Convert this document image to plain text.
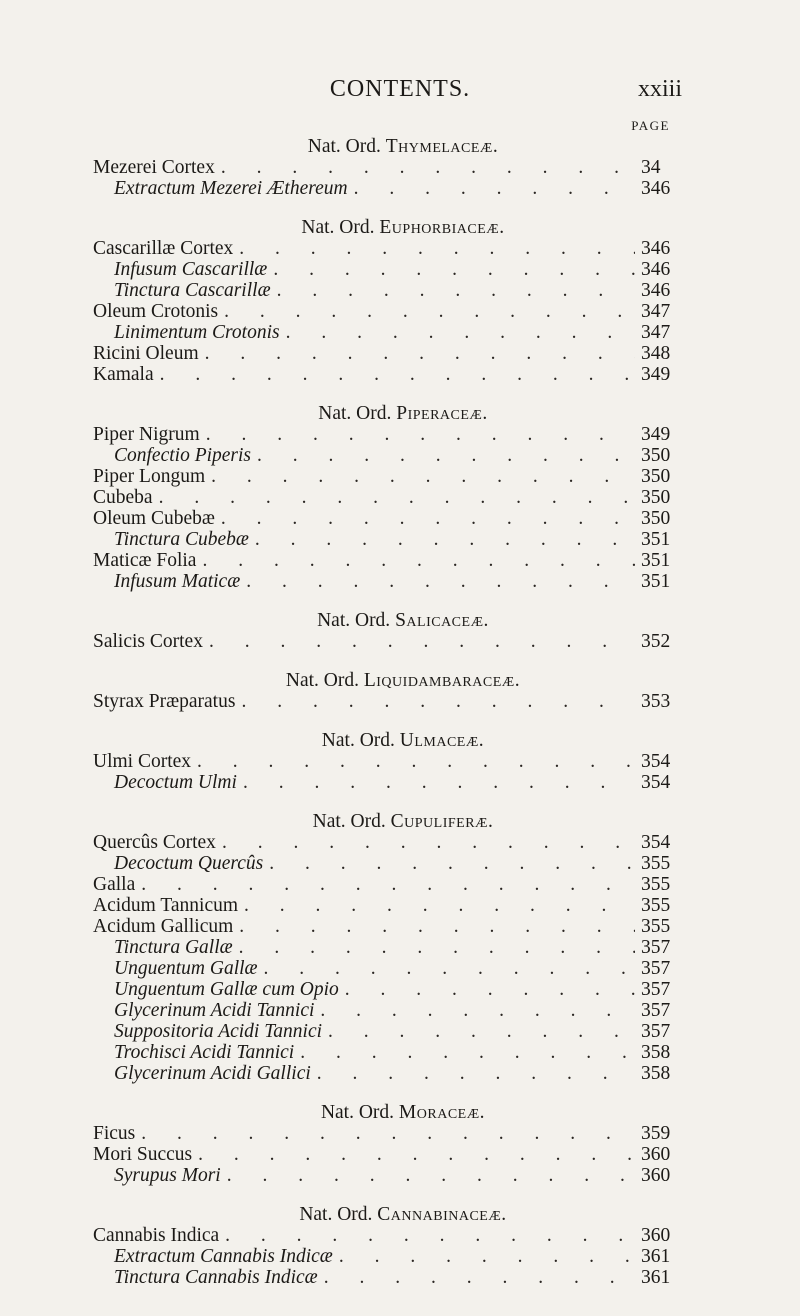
CONTENTS.	xxiii
PAGE
Nat. Ord. Thymelaceæ.
Mezerei Cortex . . .	34
Extractum Mezerei Æthereum . . .	346
Nat. Ord. Euphorbiaceæ.
Cascarillæ Cortex . . .	346
Infusum Cascarillæ . . .	346
Tinctura Cascarillæ . . .	346
Oleum Crotonis . . .	347
Linimentum Crotonis . . .	347
Ricini Oleum . . .	348
Kamala . . .	349
Nat. Ord. Piperaceæ.
Piper Nigrum . . .	349
Confectio Piperis . . .	350
Piper Longum . . .	350
Cubeba . . .	350
Oleum Cubebæ . . .	350
Tinctura Cubebæ . . .	351
Maticæ Folia . . .	351
Infusum Maticæ . . .	351
Nat. Ord. Salicaceæ.
Salicis Cortex . . .	352
Nat. Ord. Liquidambaraceæ.
Styrax Præparatus . . .	353
Nat. Ord. Ulmaceæ.
Ulmi Cortex . . .	354
Decoctum Ulmi . . .	354
Nat. Ord. Cupuliferæ.
Quercûs Cortex . . .	354
Decoctum Quercûs . . .	355
Galla . . .	355
Acidum Tannicum . . .	355
Acidum Gallicum . . .	355
Tinctura Gallæ . . .	357
Unguentum Gallæ . . .	357
Unguentum Gallæ cum Opio . . .	357
Glycerinum Acidi Tannici . . .	357
Suppositoria Acidi Tannici . . .	357
Trochisci Acidi Tannici . . .	358
Glycerinum Acidi Gallici . . .	358
Nat. Ord. Moraceæ.
Ficus . . .	359
Mori Succus . . .	360
Syrupus Mori . . .	360
Nat. Ord. Cannabinaceæ.
Cannabis Indica . . .	360
Extractum Cannabis Indicæ . . .	361
Tinctura Cannabis Indicæ . . .	361
